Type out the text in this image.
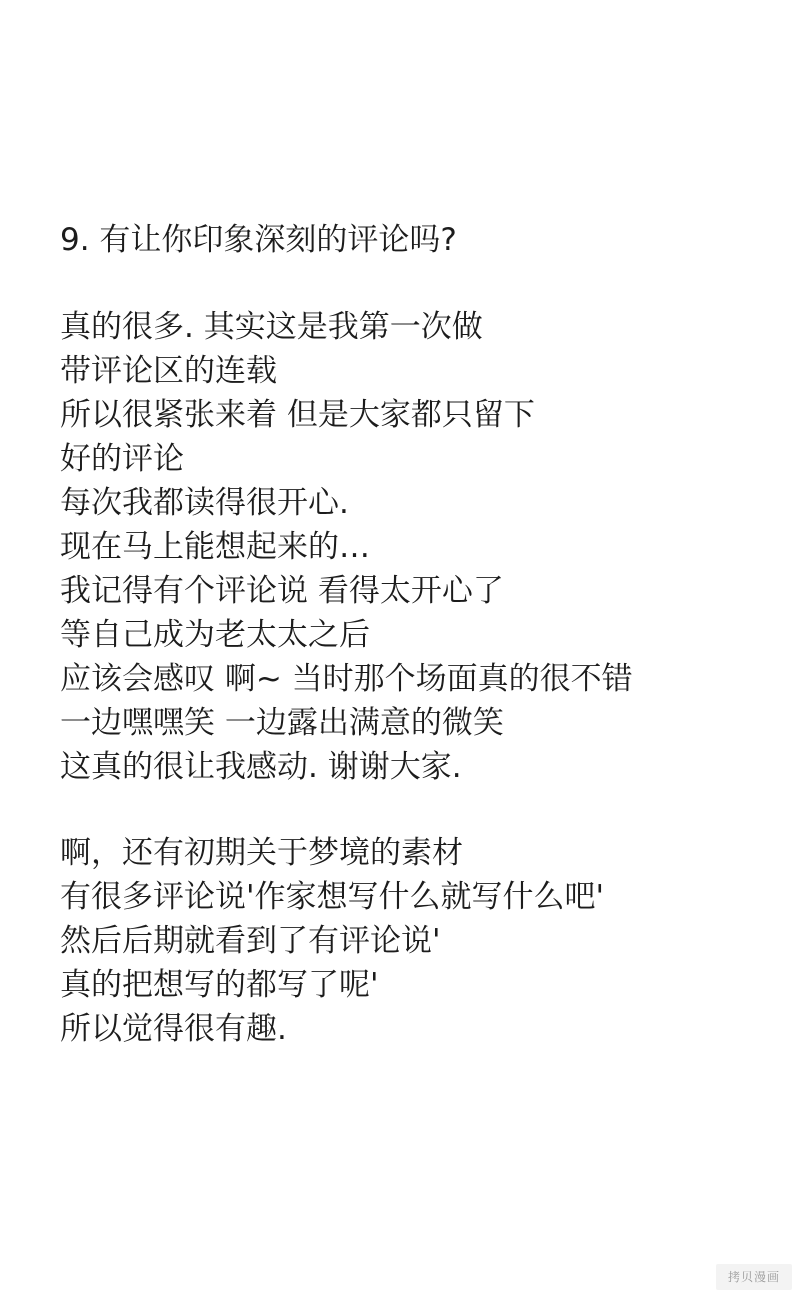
9. 有让你印象深刻的评论吗?
真的很多. 其实这是我第一次做
带评论区的连载
所以很紧张来着 但是大家都只留下
好的评论
每次我都读得很开心.
现在马上能想起来的…
我记得有个评论说 看得太开心了
等自己成为老太太之后
应该会感叹 啊~ 当时那个场面真的很不错
一边嘿嘿笑 一边露出满意的微笑
这真的很让我感动. 谢谢大家.
啊，还有初期关于梦境的素材
有很多评论说'作家想写什么就写什么吧'
然后后期就看到了有评论说'
真的把想写的都写了呢'
所以觉得很有趣.
拷贝漫画
